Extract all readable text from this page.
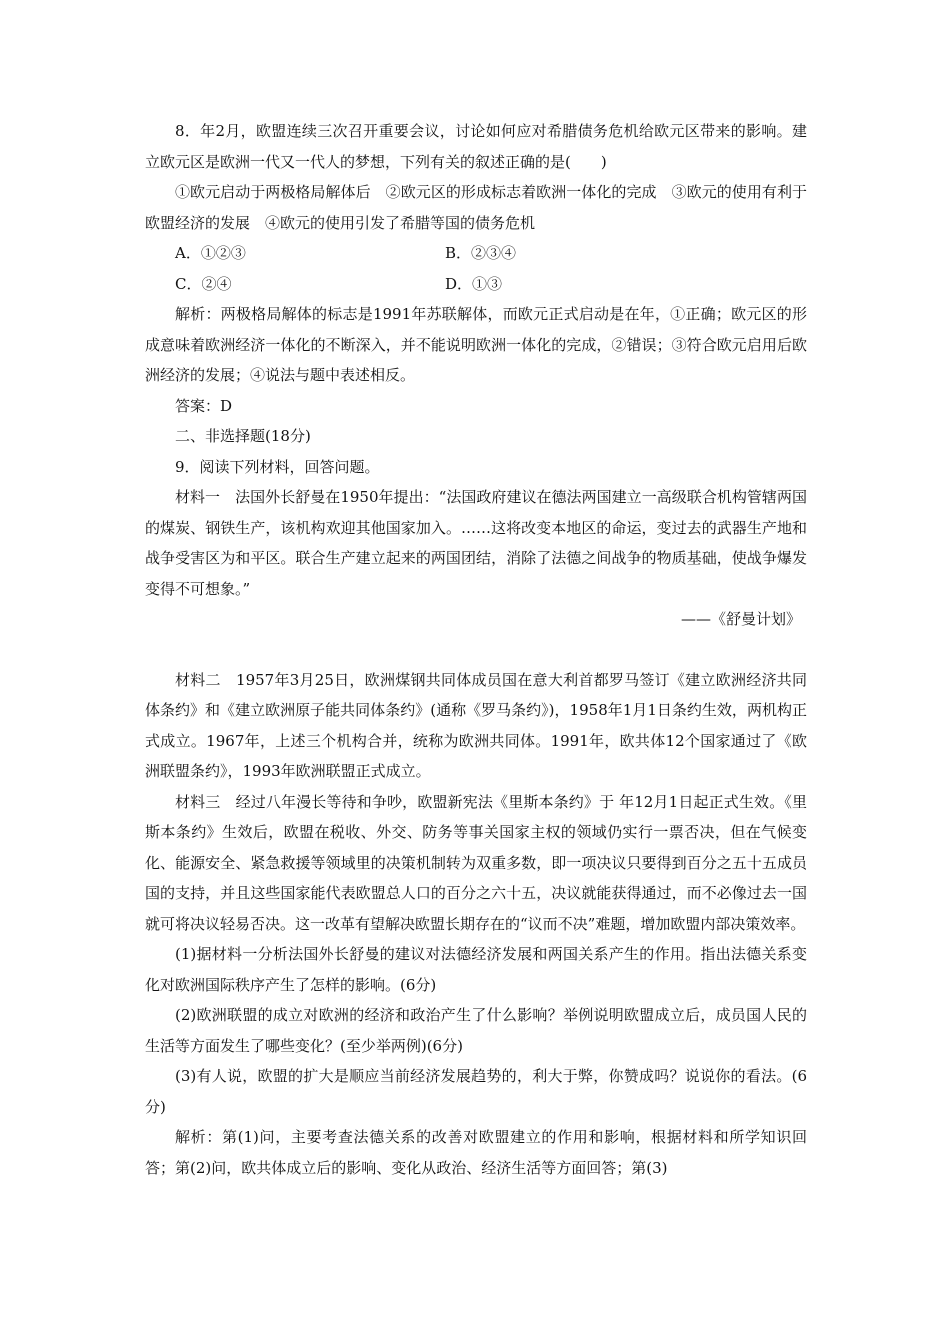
8．年2月，欧盟连续三次召开重要会议，讨论如何应对希腊债务危机给欧元区带来的影响。建立欧元区是欧洲一代又一代人的梦想，下列有关的叙述正确的是(　　)

①欧元启动于两极格局解体后　②欧元区的形成标志着欧洲一体化的完成　③欧元的使用有利于欧盟经济的发展　④欧元的使用引发了希腊等国的债务危机

A．①②③	B．②③④
C．②④	D．①③

解析：两极格局解体的标志是1991年苏联解体，而欧元正式启动是在年，①正确；欧元区的形成意味着欧洲经济一体化的不断深入，并不能说明欧洲一体化的完成，②错误；③符合欧元启用后欧洲经济的发展；④说法与题中表述相反。

答案：D

二、非选择题(18分)

9．阅读下列材料，回答问题。

材料一　法国外长舒曼在1950年提出：“法国政府建议在德法两国建立一高级联合机构管辖两国的煤炭、钢铁生产，该机构欢迎其他国家加入。……这将改变本地区的命运，变过去的武器生产地和战争受害区为和平区。联合生产建立起来的两国团结，消除了法德之间战争的物质基础，使战争爆发变得不可想象。”

——《舒曼计划》

材料二　1957年3月25日，欧洲煤钢共同体成员国在意大利首都罗马签订《建立欧洲经济共同体条约》和《建立欧洲原子能共同体条约》(通称《罗马条约》)，1958年1月1日条约生效，两机构正式成立。1967年，上述三个机构合并，统称为欧洲共同体。1991年，欧共体12个国家通过了《欧洲联盟条约》，1993年欧洲联盟正式成立。

材料三　经过八年漫长等待和争吵，欧盟新宪法《里斯本条约》于 年12月1日起正式生效。《里斯本条约》生效后，欧盟在税收、外交、防务等事关国家主权的领域仍实行一票否决，但在气候变化、能源安全、紧急救援等领域里的决策机制转为双重多数，即一项决议只要得到百分之五十五成员国的支持，并且这些国家能代表欧盟总人口的百分之六十五，决议就能获得通过，而不必像过去一国就可将决议轻易否决。这一改革有望解决欧盟长期存在的“议而不决”难题，增加欧盟内部决策效率。

(1)据材料一分析法国外长舒曼的建议对法德经济发展和两国关系产生的作用。指出法德关系变化对欧洲国际秩序产生了怎样的影响。(6分)

(2)欧洲联盟的成立对欧洲的经济和政治产生了什么影响？举例说明欧盟成立后，成员国人民的生活等方面发生了哪些变化？(至少举两例)(6分)

(3)有人说，欧盟的扩大是顺应当前经济发展趋势的，利大于弊，你赞成吗？说说你的看法。(6分)

解析：第(1)问，主要考查法德关系的改善对欧盟建立的作用和影响，根据材料和所学知识回答；第(2)问，欧共体成立后的影响、变化从政治、经济生活等方面回答；第(3)
